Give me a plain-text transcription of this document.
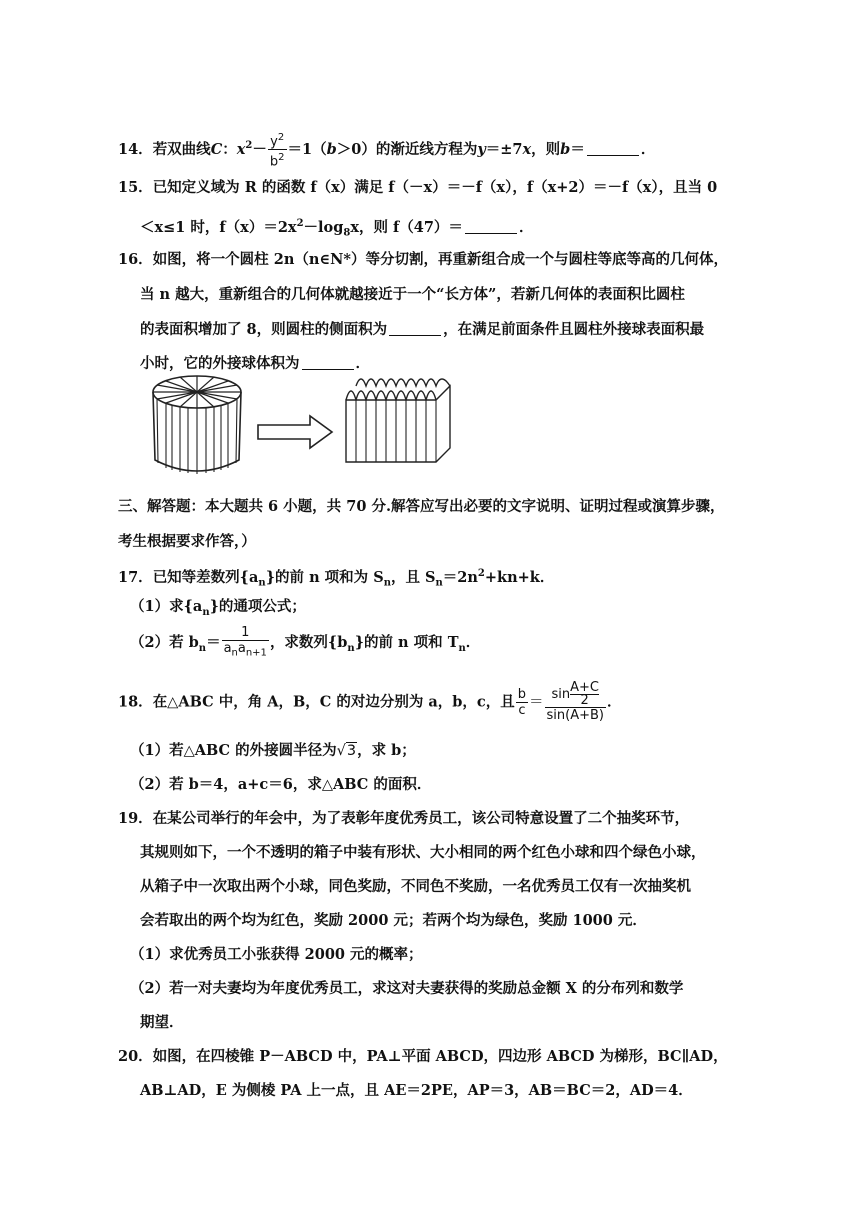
14．若双曲线C：$x^2- \frac{y^2}{b^2} =1(b>0)$的渐近线方程为y＝±7x，则b＝	．
15．已知定义域为 R 的函数 f（x）满足 f（－x）＝－f（x），f（x+2）＝－f（x），且当 0
＜x≤1 时，$f(x)=2x^2-\log_8x$，则 f（47）＝	．
16．如图，将一个圆柱 2n（n∈N*）等分切割，再重新组合成一个与圆柱等底等高的几何体，
当 n 越大，重新组合的几何体就越接近于一个“长方体”，若新几何体的表面积比圆柱
的表面积增加了 8，则圆柱的侧面积为	，在满足前面条件且圆柱外接球表面积最
小时，它的外接球体积为	．
三、解答题：本大题共 6 小题，共 70 分.解答应写出必要的文字说明、证明过程或演算步骤，
考生根据要求作答，）
17．已知等差数列$\{a_n\}$的前 n 项和为 $S_n$，且 $S_n=2n^2+kn+k$．
（1）求$\{a_n\}$的通项公式；
（2）若 $b_n= \frac{1}{a_na_{n+1}}$ ，求数列$\{b_n\}$的前 n 项和 $T_n$．
18．在△ABC 中，角 A，B，C 的对边分别为 a，b，c，且 $\frac{b}{c} = \frac{\sin \frac{A+C}{2}}{\sin(A+B)}$ ．
（1）若△ABC 的外接圆半径为√3，求 b；
（2）若 b＝4，a+c＝6，求△ABC 的面积．
19．在某公司举行的年会中，为了表彰年度优秀员工，该公司特意设置了二个抽奖环节，
其规则如下，一个不透明的箱子中装有形状、大小相同的两个红色小球和四个绿色小球，
从箱子中一次取出两个小球，同色奖励，不同色不奖励，一名优秀员工仅有一次抽奖机
会若取出的两个均为红色，奖励 2000 元；若两个均为绿色，奖励 1000 元．
（1）求优秀员工小张获得 2000 元的概率；
（2）若一对夫妻均为年度优秀员工，求这对夫妻获得的奖励总金额 X 的分布列和数学
期望．
20．如图，在四棱锥 P－ABCD 中，PA⊥平面 ABCD，四边形 ABCD 为梯形，BC∥AD，
AB⊥AD，E 为侧棱 PA 上一点，且 AE＝2PE，AP＝3，AB＝BC＝2，AD＝4．
